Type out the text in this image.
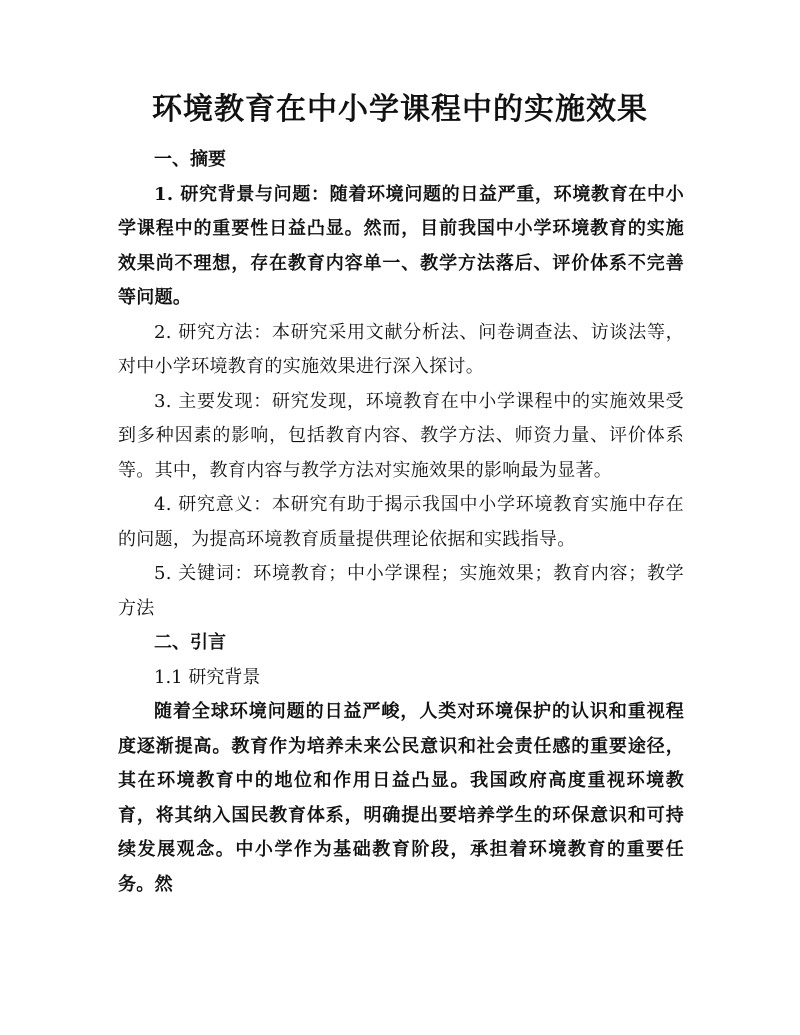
环境教育在中小学课程中的实施效果

一、摘要

1. 研究背景与问题：随着环境问题的日益严重，环境教育在中小学课程中的重要性日益凸显。然而，目前我国中小学环境教育的实施效果尚不理想，存在教育内容单一、教学方法落后、评价体系不完善等问题。

2. 研究方法：本研究采用文献分析法、问卷调查法、访谈法等，对中小学环境教育的实施效果进行深入探讨。

3. 主要发现：研究发现，环境教育在中小学课程中的实施效果受到多种因素的影响，包括教育内容、教学方法、师资力量、评价体系等。其中，教育内容与教学方法对实施效果的影响最为显著。

4. 研究意义：本研究有助于揭示我国中小学环境教育实施中存在的问题，为提高环境教育质量提供理论依据和实践指导。

5. 关键词：环境教育；中小学课程；实施效果；教育内容；教学方法

二、引言

1.1 研究背景

随着全球环境问题的日益严峻，人类对环境保护的认识和重视程度逐渐提高。教育作为培养未来公民意识和社会责任感的重要途径，其在环境教育中的地位和作用日益凸显。我国政府高度重视环境教育，将其纳入国民教育体系，明确提出要培养学生的环保意识和可持续发展观念。中小学作为基础教育阶段，承担着环境教育的重要任务。然
